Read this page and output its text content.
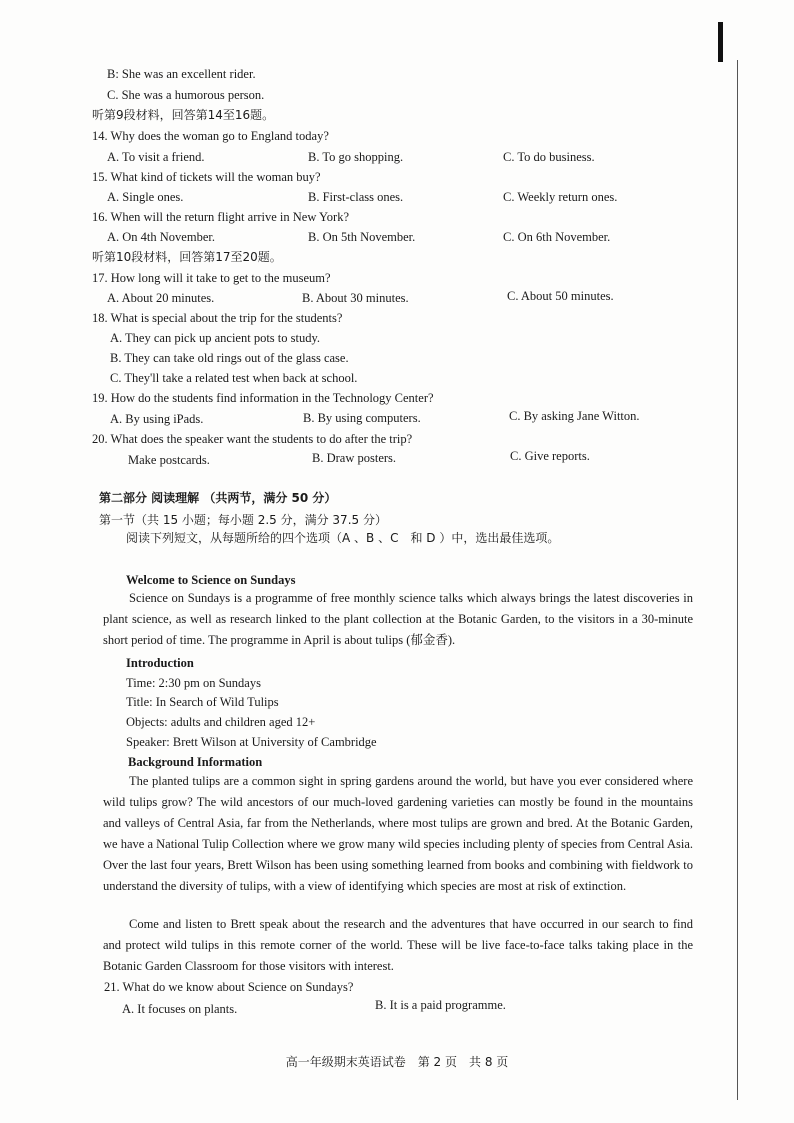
B: She was an excellent rider.
C. She was a humorous person.
听第9段材料，回答第14至16题。
14. Why does the woman go to England today?
A. To visit a friend.	B. To go shopping.	C. To do business.
15. What kind of tickets will the woman buy?
A. Single ones.	B. First-class ones.	C. Weekly return ones.
16. When will the return flight arrive in New York?
A. On 4th November.	B. On 5th November.	C. On 6th November.
听第10段材料，回答第17至20题。
17. How long will it take to get to the museum?
A. About 20 minutes.	B. About 30 minutes.	C. About 50 minutes.
18. What is special about the trip for the students?
A. They can pick up ancient pots to study.
B. They can take old rings out of the glass case.
C. They'll take a related test when back at school.
19. How do the students find information in the Technology Center?
A. By using iPads.	B. By using computers.	C. By asking Jane Witton.
20. What does the speaker want the students to do after the trip?
Make postcards.	B. Draw posters.	C. Give reports.
第二部分 阅读理解 （共两节，满分 50 分）
第一节（共 15 小题；每小题 2.5 分，满分 37.5 分）
阅读下列短文，从每题所给的四个选项（A 、B 、C　和 D ）中，选出最佳选项。
Welcome to Science on Sundays
Science on Sundays is a programme of free monthly science talks which always brings the latest discoveries in plant science, as well as research linked to the plant collection at the Botanic Garden, to the visitors in a 30-minute short period of time. The programme in April is about tulips (郁金香).
Introduction
Time: 2:30 pm on Sundays
Title: In Search of Wild Tulips
Objects: adults and children aged 12+
Speaker: Brett Wilson at University of Cambridge
Background Information
The planted tulips are a common sight in spring gardens around the world, but have you ever considered where wild tulips grow? The wild ancestors of our much-loved gardening varieties can mostly be found in the mountains and valleys of Central Asia, far from the Netherlands, where most tulips are grown and bred. At the Botanic Garden, we have a National Tulip Collection where we grow many wild species including plenty of species from Central Asia. Over the last four years, Brett Wilson has been using something learned from books and combining with fieldwork to understand the diversity of tulips, with a view of identifying which species are most at risk of extinction.
Come and listen to Brett speak about the research and the adventures that have occurred in our search to find and protect wild tulips in this remote corner of the world. These will be live face-to-face talks taking place in the Botanic Garden Classroom for those visitors with interest.
21. What do we know about Science on Sundays?
A. It focuses on plants.	B. It is a paid programme.
高一年级期末英语试卷　第 2 页　共 8 页
